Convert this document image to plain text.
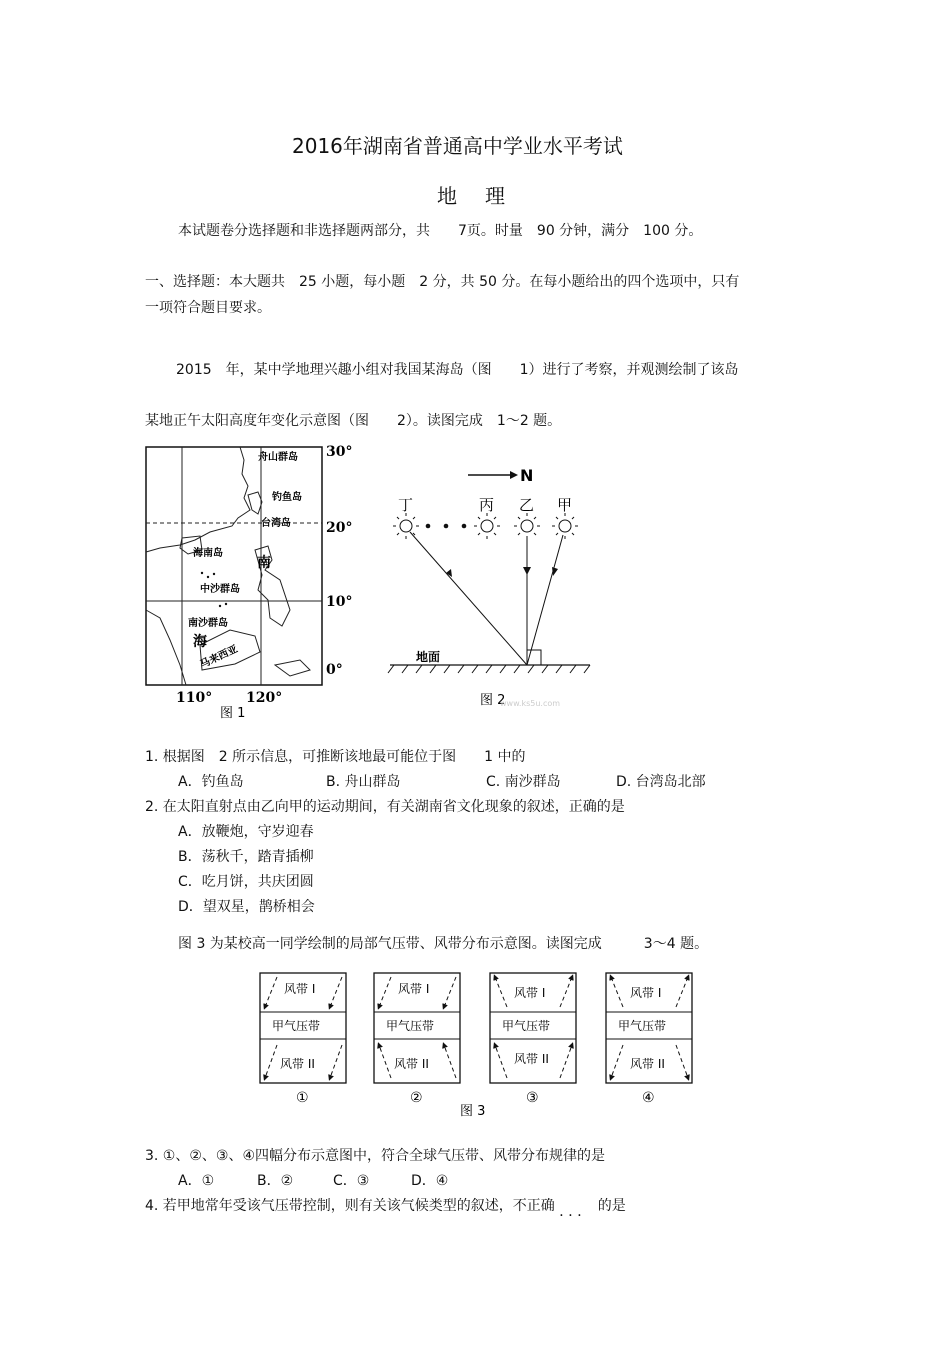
2016年湖南省普通高中学业水平考试
地　理
本试题卷分选择题和非选择题两部分，共　　7页。时量　90 分钟，满分　100 分。
一、选择题：本大题共　25 小题，每小题　2 分，共 50 分。在每小题给出的四个选项中，只有
一项符合题目要求。
2015　年，某中学地理兴趣小组对我国某海岛（图　　1）进行了考察，并观测绘制了该岛
某地正午太阳高度年变化示意图（图　　2）。读图完成　1～2 题。
舟山群岛
钓鱼岛
台湾岛
海南岛
南
中沙群岛
南沙群岛
海
马来西亚
30°
20°
10°
0°
110° 120°
图 1
N
丁	丙 乙 甲
地面
图 2
www.ks5u.com
1. 根据图　2 所示信息，可推断该地最可能位于图　　1 中的
A．钓鱼岛	B. 舟山群岛	C. 南沙群岛	D. 台湾岛北部
2. 在太阳直射点由乙向甲的运动期间，有关湖南省文化现象的叙述，正确的是
A．放鞭炮，守岁迎春
B．荡秋千，踏青插柳
C．吃月饼，共庆团圆
D．望双星，鹊桥相会
图 3 为某校高一同学绘制的局部气压带、风带分布示意图。读图完成　　　3～4 题。
风带 I
甲气压带
风带 II
①
风带 I
甲气压带
风带 II
②
风带 I
甲气压带
风带 II
③
风带 I
甲气压带
风带 II
④
图 3
3. ①、②、③、④四幅分布示意图中，符合全球气压带、风带分布规律的是
A．①	B．②	C．③	D．④
4. 若甲地常年受该气压带控制，则有关该气候类型的叙述，不正确 ．．． 的是
